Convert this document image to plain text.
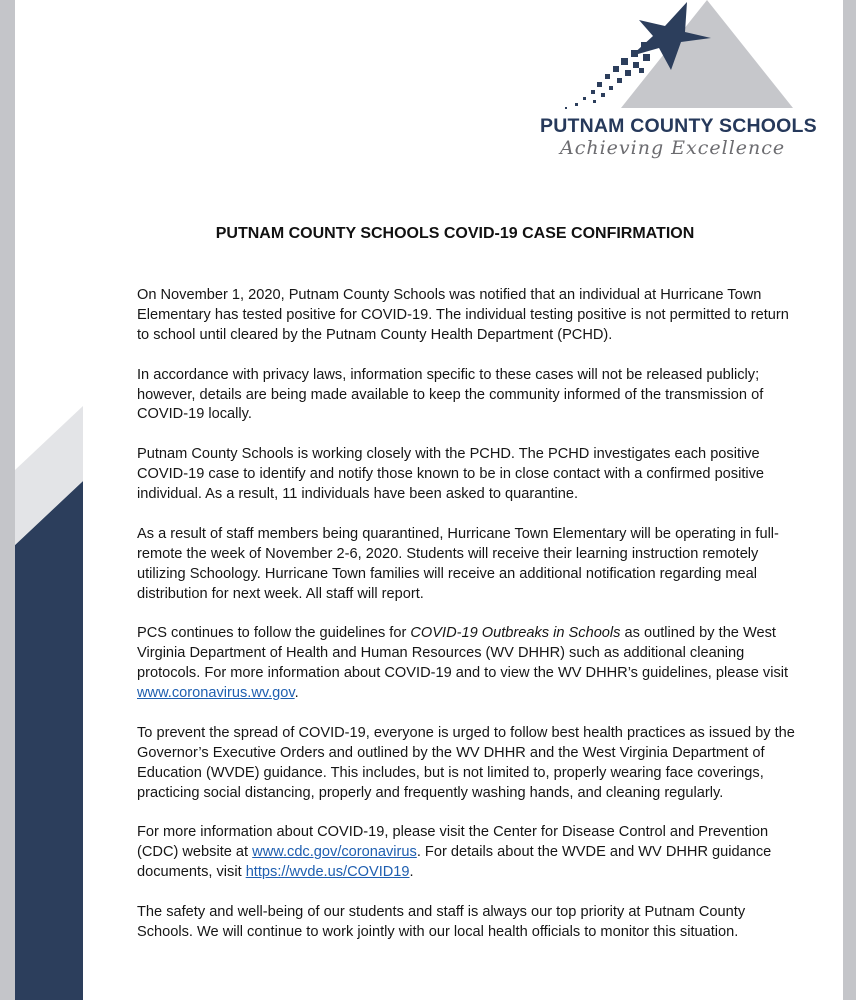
PUTNAM COUNTY SCHOOLS
Achieving Excellence
PUTNAM COUNTY SCHOOLS COVID-19 CASE CONFIRMATION

On November 1, 2020, Putnam County Schools was notified that an individual at Hurricane Town Elementary has tested positive for COVID-19. The individual testing positive is not permitted to return to school until cleared by the Putnam County Health Department (PCHD).

In accordance with privacy laws, information specific to these cases will not be released publicly; however, details are being made available to keep the community informed of the transmission of COVID-19 locally.

Putnam County Schools is working closely with the PCHD. The PCHD investigates each positive COVID-19 case to identify and notify those known to be in close contact with a confirmed positive individual. As a result, 11 individuals have been asked to quarantine.

As a result of staff members being quarantined, Hurricane Town Elementary will be operating in full-remote the week of November 2-6, 2020. Students will receive their learning instruction remotely utilizing Schoology. Hurricane Town families will receive an additional notification regarding meal distribution for next week. All staff will report.

PCS continues to follow the guidelines for COVID-19 Outbreaks in Schools as outlined by the West Virginia Department of Health and Human Resources (WV DHHR) such as additional cleaning protocols. For more information about COVID-19 and to view the WV DHHR’s guidelines, please visit www.coronavirus.wv.gov.

To prevent the spread of COVID-19, everyone is urged to follow best health practices as issued by the Governor’s Executive Orders and outlined by the WV DHHR and the West Virginia Department of Education (WVDE) guidance. This includes, but is not limited to, properly wearing face coverings, practicing social distancing, properly and frequently washing hands, and cleaning regularly.

For more information about COVID-19, please visit the Center for Disease Control and Prevention (CDC) website at www.cdc.gov/coronavirus. For details about the WVDE and WV DHHR guidance documents, visit https://wvde.us/COVID19.

The safety and well-being of our students and staff is always our top priority at Putnam County Schools. We will continue to work jointly with our local health officials to monitor this situation.
